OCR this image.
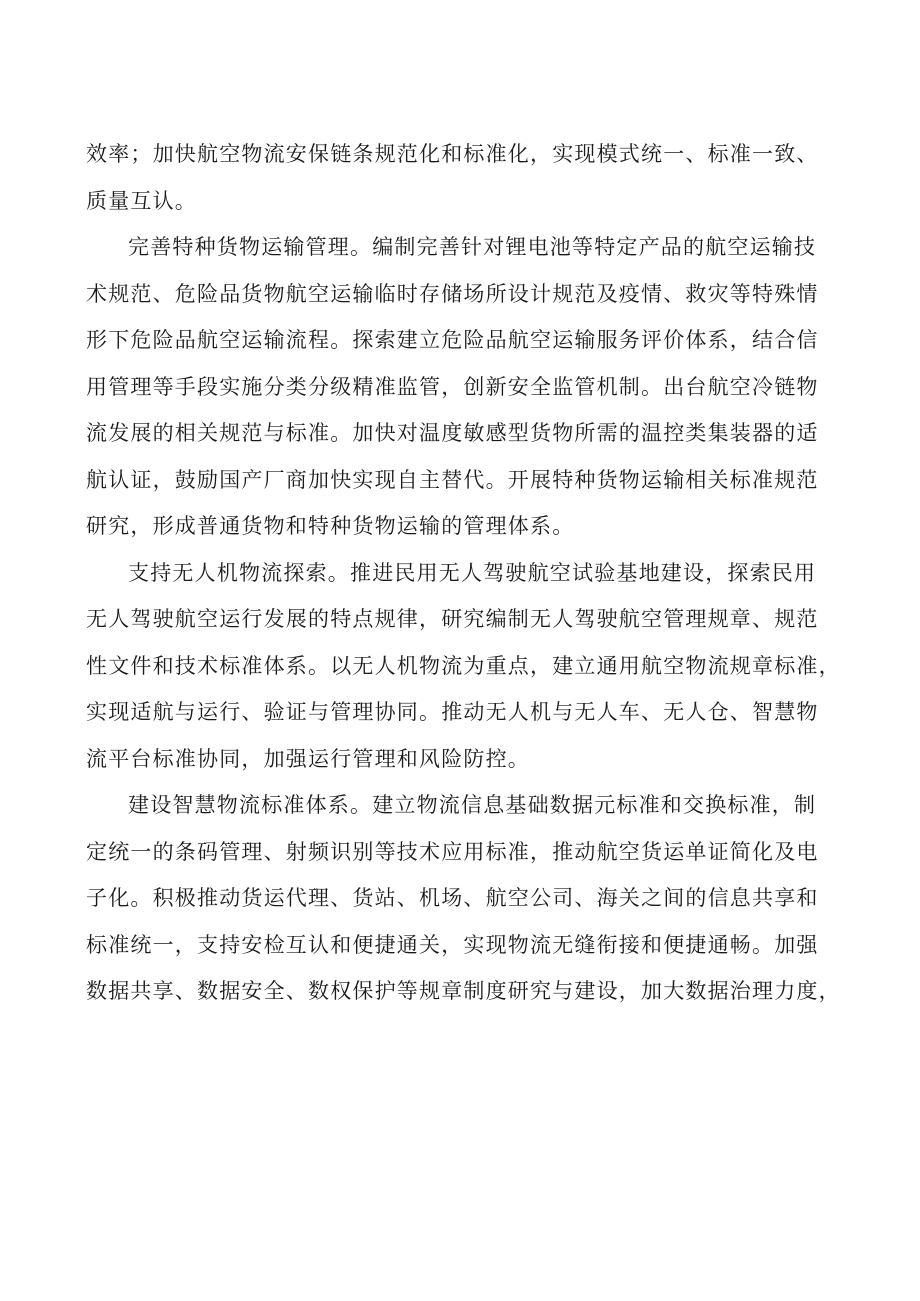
效率；加快航空物流安保链条规范化和标准化，实现模式统一、标准一致、
质量互认。
完善特种货物运输管理。编制完善针对锂电池等特定产品的航空运输技
术规范、危险品货物航空运输临时存储场所设计规范及疫情、救灾等特殊情
形下危险品航空运输流程。探索建立危险品航空运输服务评价体系，结合信
用管理等手段实施分类分级精准监管，创新安全监管机制。出台航空冷链物
流发展的相关规范与标准。加快对温度敏感型货物所需的温控类集装器的适
航认证，鼓励国产厂商加快实现自主替代。开展特种货物运输相关标准规范
研究，形成普通货物和特种货物运输的管理体系。
支持无人机物流探索。推进民用无人驾驶航空试验基地建设，探索民用
无人驾驶航空运行发展的特点规律，研究编制无人驾驶航空管理规章、规范
性文件和技术标准体系。以无人机物流为重点，建立通用航空物流规章标准，
实现适航与运行、验证与管理协同。推动无人机与无人车、无人仓、智慧物
流平台标准协同，加强运行管理和风险防控。
建设智慧物流标准体系。建立物流信息基础数据元标准和交换标准，制
定统一的条码管理、射频识别等技术应用标准，推动航空货运单证简化及电
子化。积极推动货运代理、货站、机场、航空公司、海关之间的信息共享和
标准统一，支持安检互认和便捷通关，实现物流无缝衔接和便捷通畅。加强
数据共享、数据安全、数权保护等规章制度研究与建设，加大数据治理力度，
